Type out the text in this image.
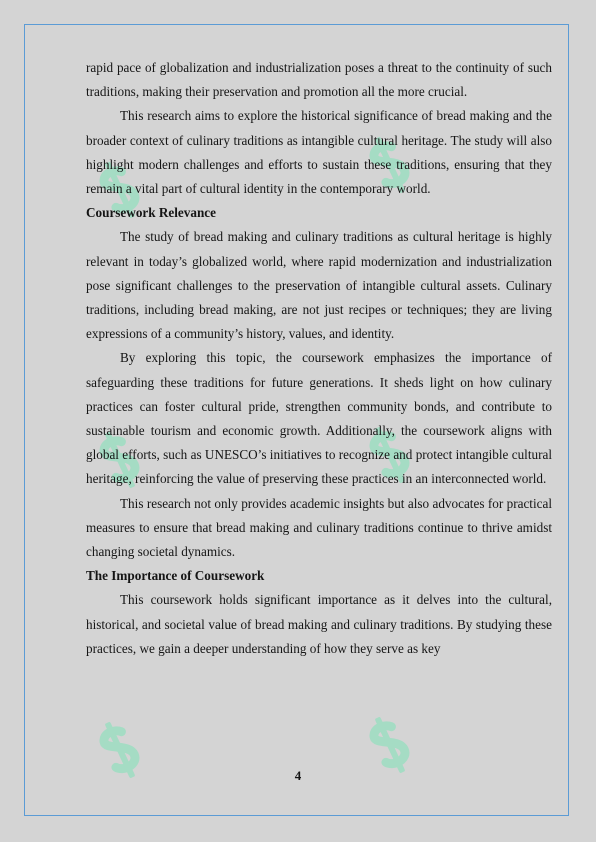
rapid pace of globalization and industrialization poses a threat to the continuity of such traditions, making their preservation and promotion all the more crucial.

This research aims to explore the historical significance of bread making and the broader context of culinary traditions as intangible cultural heritage. The study will also highlight modern challenges and efforts to sustain these traditions, ensuring that they remain a vital part of cultural identity in the contemporary world.

Coursework Relevance

The study of bread making and culinary traditions as cultural heritage is highly relevant in today’s globalized world, where rapid modernization and industrialization pose significant challenges to the preservation of intangible cultural assets. Culinary traditions, including bread making, are not just recipes or techniques; they are living expressions of a community’s history, values, and identity.

By exploring this topic, the coursework emphasizes the importance of safeguarding these traditions for future generations. It sheds light on how culinary practices can foster cultural pride, strengthen community bonds, and contribute to sustainable tourism and economic growth. Additionally, the coursework aligns with global efforts, such as UNESCO’s initiatives to recognize and protect intangible cultural heritage, reinforcing the value of preserving these practices in an interconnected world.

This research not only provides academic insights but also advocates for practical measures to ensure that bread making and culinary traditions continue to thrive amidst changing societal dynamics.

The Importance of Coursework

This coursework holds significant importance as it delves into the cultural, historical, and societal value of bread making and culinary traditions. By studying these practices, we gain a deeper understanding of how they serve as key

4
